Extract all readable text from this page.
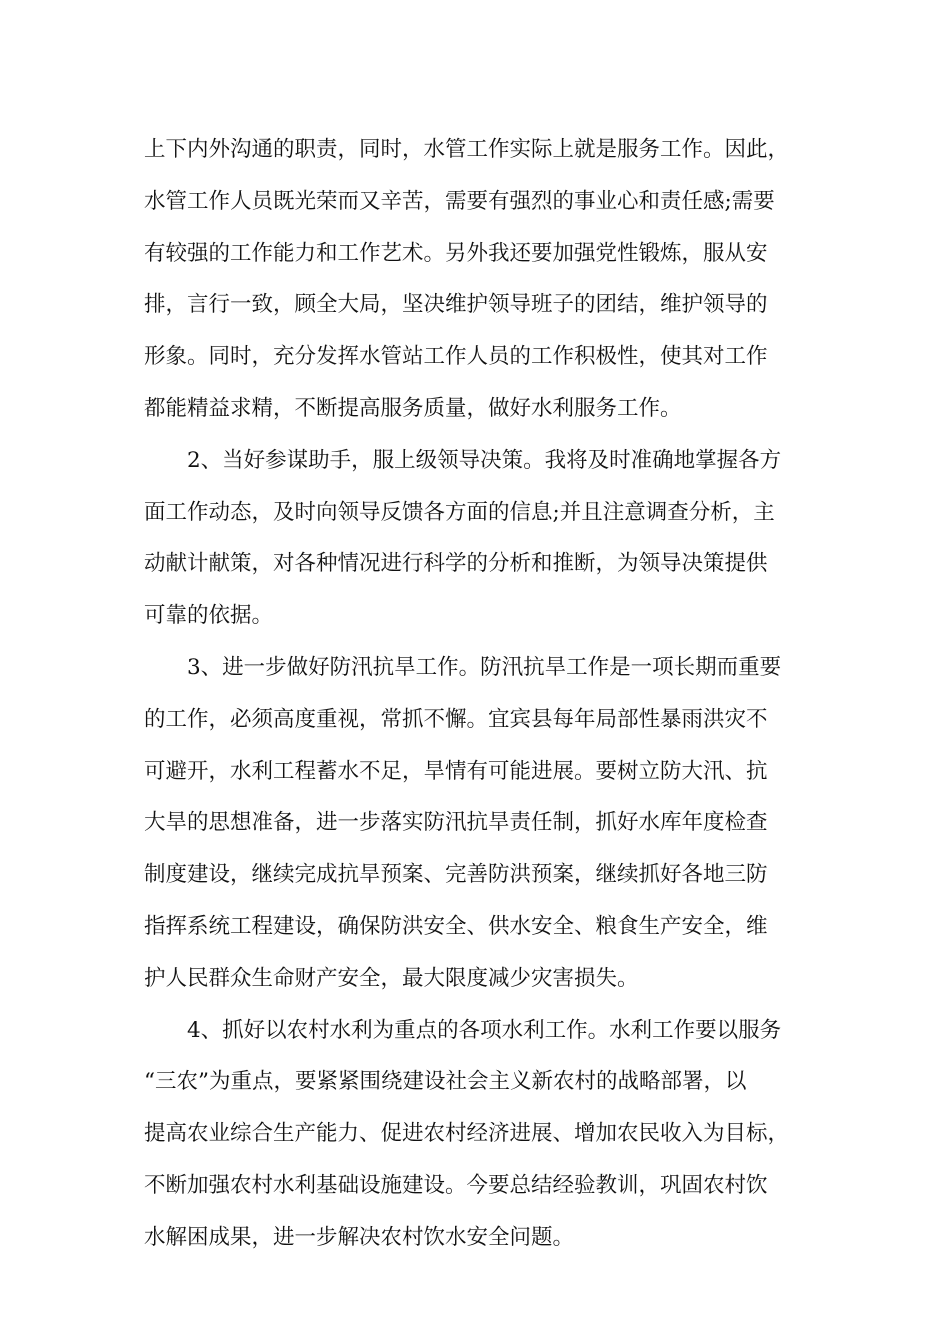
上下内外沟通的职责，同时，水管工作实际上就是服务工作。因此，
水管工作人员既光荣而又辛苦，需要有强烈的事业心和责任感;需要
有较强的工作能力和工作艺术。另外我还要加强党性锻炼，服从安
排，言行一致，顾全大局，坚决维护领导班子的团结，维护领导的
形象。同时，充分发挥水管站工作人员的工作积极性，使其对工作
都能精益求精，不断提高服务质量，做好水利服务工作。
2、当好参谋助手，服上级领导决策。我将及时准确地掌握各方
面工作动态，及时向领导反馈各方面的信息;并且注意调查分析，主
动献计献策，对各种情况进行科学的分析和推断，为领导决策提供
可靠的依据。
3、进一步做好防汛抗旱工作。防汛抗旱工作是一项长期而重要
的工作，必须高度重视，常抓不懈。宜宾县每年局部性暴雨洪灾不
可避开，水利工程蓄水不足，旱情有可能进展。要树立防大汛、抗
大旱的思想准备，进一步落实防汛抗旱责任制，抓好水库年度检查
制度建设，继续完成抗旱预案、完善防洪预案，继续抓好各地三防
指挥系统工程建设，确保防洪安全、供水安全、粮食生产安全，维
护人民群众生命财产安全，最大限度减少灾害损失。
4、抓好以农村水利为重点的各项水利工作。水利工作要以服务
“三农”为重点，要紧紧围绕建设社会主义新农村的战略部署，以
提高农业综合生产能力、促进农村经济进展、增加农民收入为目标，
不断加强农村水利基础设施建设。今要总结经验教训，巩固农村饮
水解困成果，进一步解决农村饮水安全问题。
